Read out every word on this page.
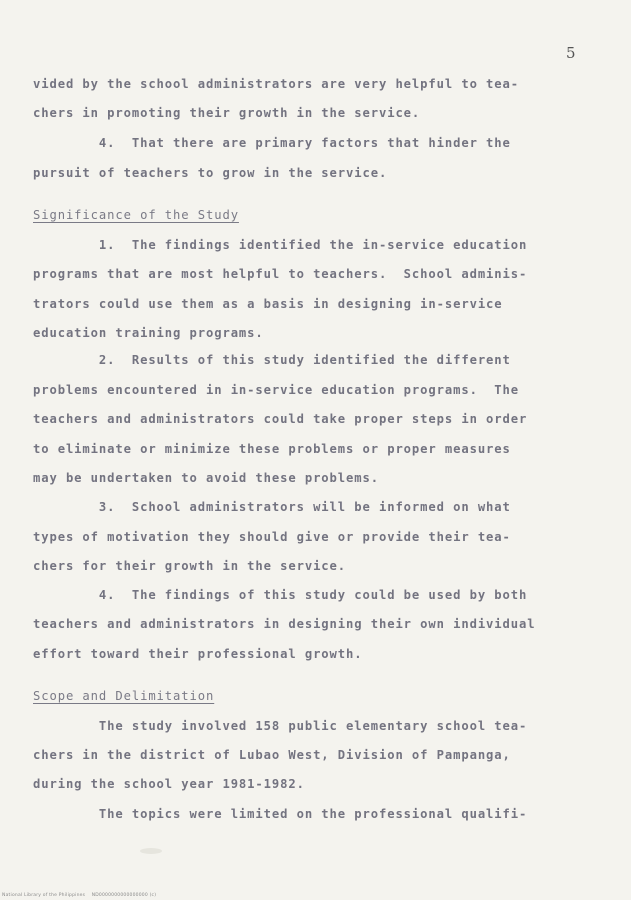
5
vided by the school administrators are very helpful to tea-
chers in promoting their growth in the service.
4.  That there are primary factors that hinder the
pursuit of teachers to grow in the service.
Significance of the Study
1.  The findings identified the in-service education
programs that are most helpful to teachers.  School adminis-
trators could use them as a basis in designing in-service
education training programs.
2.  Results of this study identified the different
problems encountered in in-service education programs.  The
teachers and administrators could take proper steps in order
to eliminate or minimize these problems or proper measures
may be undertaken to avoid these problems.
3.  School administrators will be informed on what
types of motivation they should give or provide their tea-
chers for their growth in the service.
4.  The findings of this study could be used by both
teachers and administrators in designing their own individual
effort toward their professional growth.
Scope and Delimitation
The study involved 158 public elementary school tea-
chers in the district of Lubao West, Division of Pampanga,
during the school year 1981-1982.
The topics were limited on the professional qualifi-
National Library of the Philippines    ND0000000000000000 (c)
